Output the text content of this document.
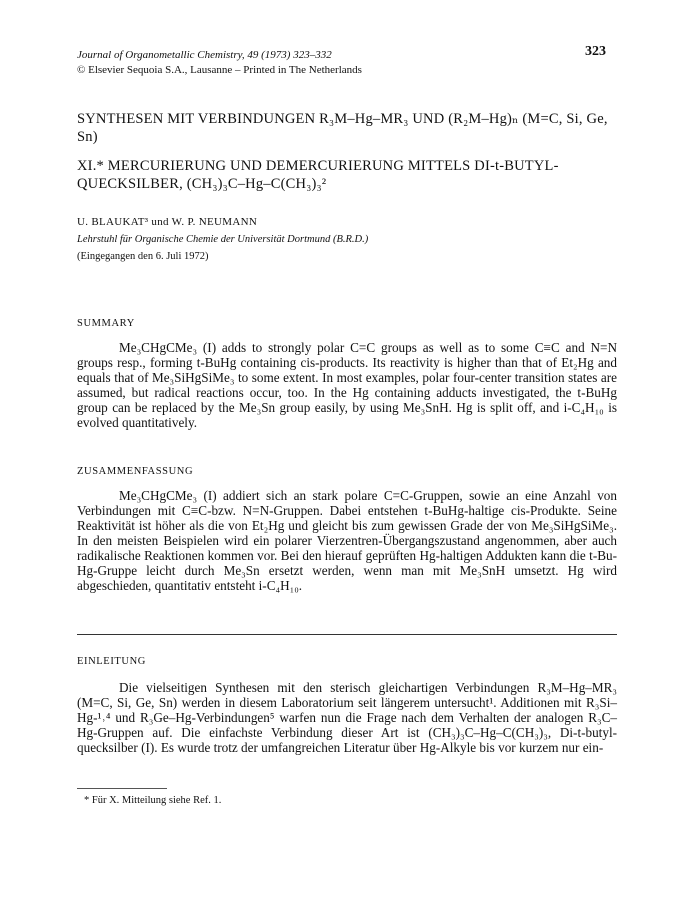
Journal of Organometallic Chemistry, 49 (1973) 323–332
© Elsevier Sequoia S.A., Lausanne – Printed in The Netherlands
323
SYNTHESEN MIT VERBINDUNGEN R₃M–Hg–MR₃ UND (R₂M–Hg)ₙ (M=C, Si, Ge, Sn)
XI.* MERCURIERUNG UND DEMERCURIERUNG MITTELS DI-t-BUTYL-QUECKSILBER, (CH₃)₃C–Hg–C(CH₃)₃²
U. BLAUKAT³ und W. P. NEUMANN
Lehrstuhl für Organische Chemie der Universität Dortmund (B.R.D.)
(Eingegangen den 6. Juli 1972)
SUMMARY

Me₃CHgCMe₃ (I) adds to strongly polar C=C groups as well as to some C≡C and N=N groups resp., forming t-BuHg containing cis-products. Its reactivity is higher than that of Et₂Hg and equals that of Me₃SiHgSiMe₃ to some extent. In most examples, polar four-center transition states are assumed, but radical reactions occur, too. In the Hg containing adducts investigated, the t-BuHg group can be replaced by the Me₃Sn group easily, by using Me₃SnH. Hg is split off, and i-C₄H₁₀ is evolved quantitatively.

ZUSAMMENFASSUNG

Me₃CHgCMe₃ (I) addiert sich an stark polare C=C-Gruppen, sowie an eine Anzahl von Verbindungen mit C≡C-bzw. N=N-Gruppen. Dabei entstehen t-BuHg-haltige cis-Produkte. Seine Reaktivität ist höher als die von Et₂Hg und gleicht bis zum gewissen Grade der von Me₃SiHgSiMe₃. In den meisten Beispielen wird ein polarer Vierzentren-Übergangszustand angenommen, aber auch radikalische Reaktionen kommen vor. Bei den hierauf geprüften Hg-haltigen Addukten kann die t-Bu-Hg-Gruppe leicht durch Me₃Sn ersetzt werden, wenn man mit Me₃SnH umsetzt. Hg wird abgeschieden, quantitativ entsteht i-C₄H₁₀.

EINLEITUNG

Die vielseitigen Synthesen mit den sterisch gleichartigen Verbindungen R₃M–Hg–MR₃ (M=C, Si, Ge, Sn) werden in diesem Laboratorium seit längerem untersucht¹. Additionen mit R₃Si–Hg-¹˒⁴ und R₃Ge–Hg-Verbindungen⁵ warfen nun die Frage nach dem Verhalten der analogen R₃C–Hg-Gruppen auf. Die einfachste Verbindung dieser Art ist (CH₃)₃C–Hg–C(CH₃)₃, Di-t-butyl-quecksilber (I). Es wurde trotz der umfangreichen Literatur über Hg-Alkyle bis vor kurzem nur ein-

* Für X. Mitteilung siehe Ref. 1.
